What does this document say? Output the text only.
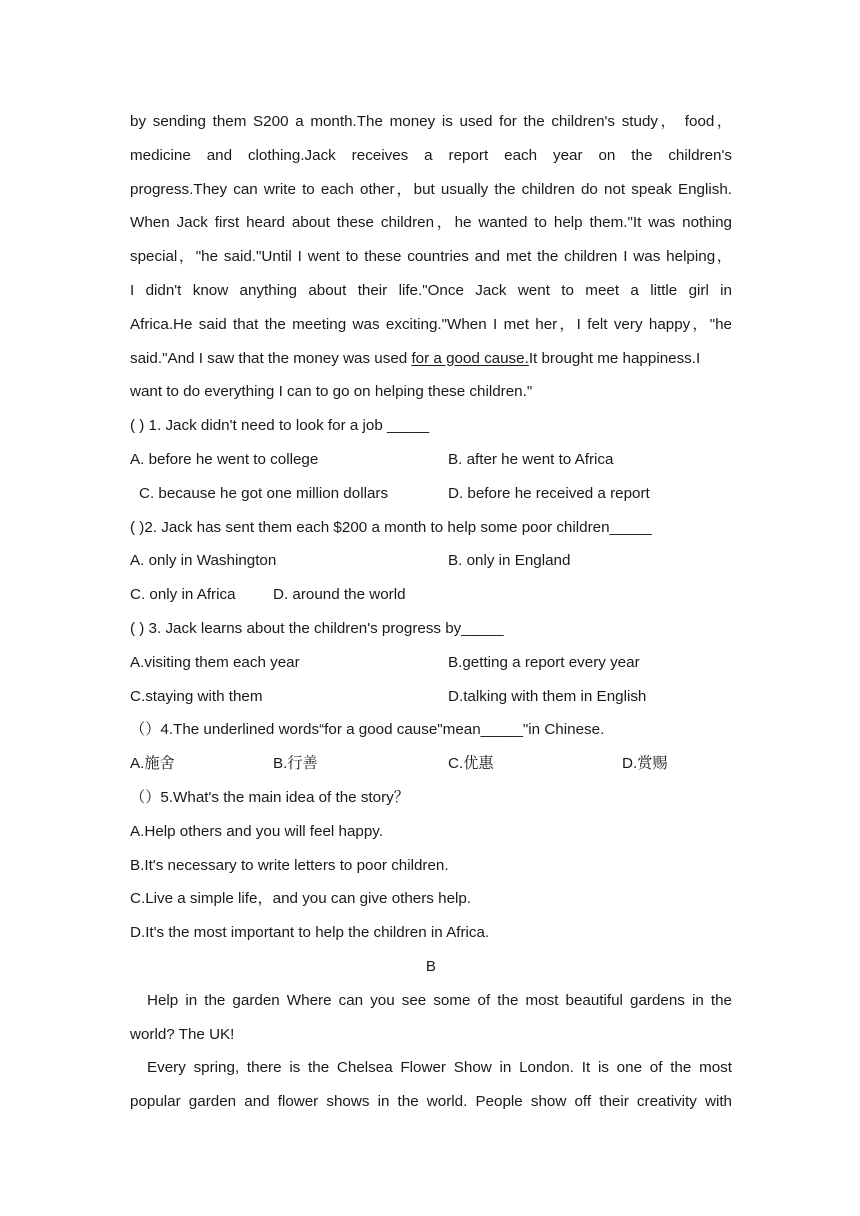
by sending them S200 a month.The money is used for the children's study， food，
medicine and clothing.Jack receives a report each year on the children's
progress.They can write to each other，but usually the children do not speak English.
When Jack first heard about these children，he wanted to help them."It was nothing
special，"he said."Until I went to these countries and met the children I was helping，
I didn't know anything about their life."Once Jack went to meet a little girl in
Africa.He said that the meeting was exciting."When I met her，I felt very happy，"he
said."And I saw that the money was used for a good cause.It brought me happiness.I
want to do everything I can to go on helping these children."
( ) 1. Jack didn't need to look for a job _____
A. before he went to college	B. after he went to Africa
C. because he got one million dollars	D. before he received a report
( )2. Jack has sent them each $200 a month to help some poor children_____
A. only in Washington	B. only in England
C. only in Africa D. around the world
( ) 3. Jack learns about the children's progress by_____
A.visiting them each year	B.getting a report every year
C.staying with them	D.talking with them in English
（）4.The underlined words“for a good cause"mean_____"in Chinese.
A.施舍	B.行善	C.优惠	D.赏赐
（）5.What's the main idea of the story？
A.Help others and you will feel happy.
B.It's necessary to write letters to poor children.
C.Live a simple life，and you can give others help.
D.It's the most important to help the children in Africa.
B
Help in the garden Where can you see some of the most beautiful gardens in the
world? The UK!
Every spring, there is the Chelsea Flower Show in London. It is one of the most
popular garden and flower shows in the world. People show off their creativity with
